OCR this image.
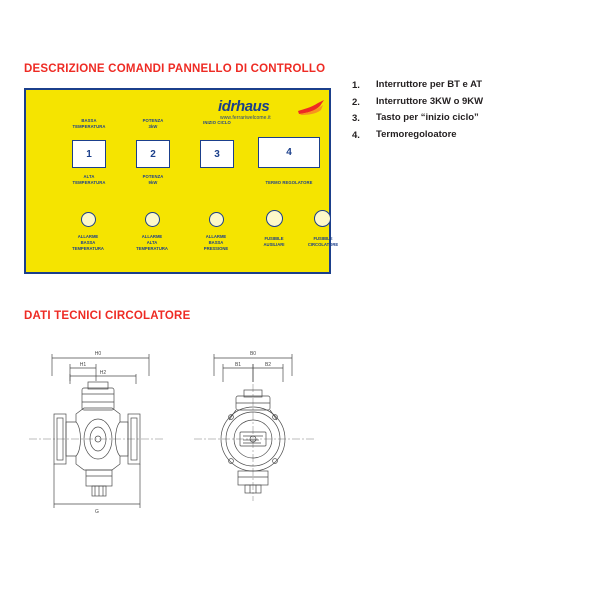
DESCRIZIONE COMANDI PANNELLO DI CONTROLLO
1.	Interruttore per BT e AT
2.	Interruttore 3KW o 9KW
3.	Tasto per “inizio ciclo”
4.	Termoregoloatore
idrhaus
www.ferrariwelcome.it
BASSA
TEMPERATURA
1
ALTA
TEMPERATURA
POTENZA
3kW
2
POTENZA
9kW
INIZIO CICLO
3	4
TERMO REGOLATORE
ALLARME
BASSA
TEMPERATURA
ALLARME
ALTA
TEMPERATURA
ALLARME
BASSA
PRESSIONE
FUSIBILE
AUSILIARI
FUSIBILE
CIRCOLATORE
DATI TECNICI CIRCOLATORE
H0
H1
H2
G
B0
B1	B2
